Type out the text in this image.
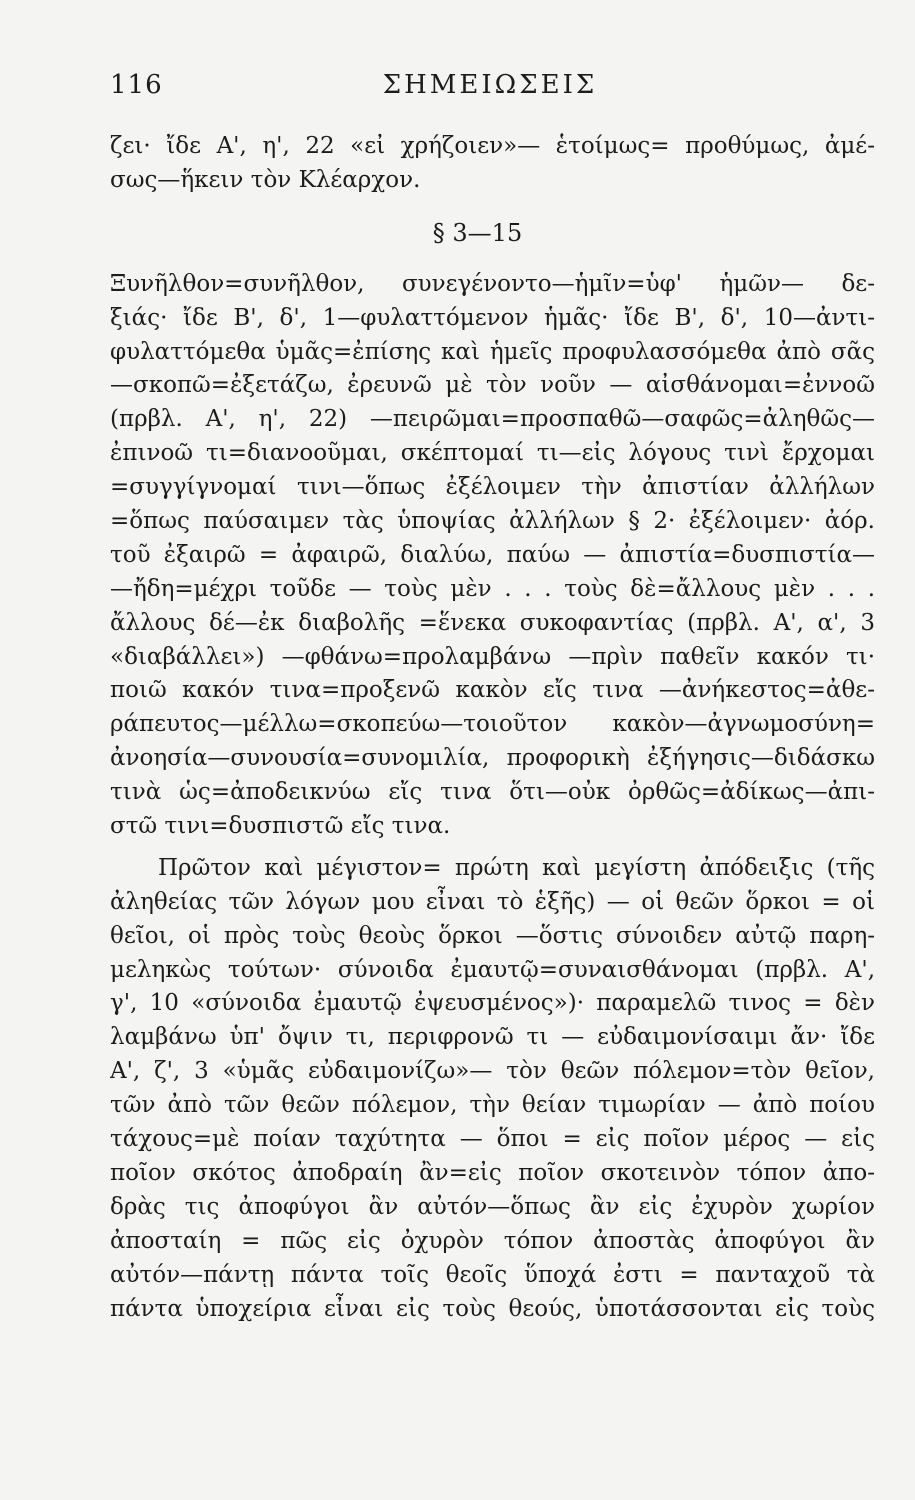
116	ΣΗΜΕΙΩΣΕΙΣ
ζει· ἴδε Α', η', 22 «εἰ χρήζοιεν»— ἑτοίμως= προθύμως, ἀμέ-
σως—ἥκειν τὸν Κλέαρχον.
§ 3—15
Ξυνῆλθον=συνῆλθον, συνεγένοντο—ἡμῖν=ὑφ' ἡμῶν— δε-
ξιάς· ἴδε Β', δ', 1—φυλαττόμενον ἡμᾶς· ἴδε Β', δ', 10—ἀντι-
φυλαττόμεθα ὑμᾶς=ἐπίσης καὶ ἡμεῖς προφυλασσόμεθα ἀπὸ σᾶς
—σκοπῶ=ἐξετάζω, ἐρευνῶ μὲ τὸν νοῦν — αἰσθάνομαι=ἐννοῶ
(πρβλ. Α', η', 22) —πειρῶμαι=προσπαθῶ—σαφῶς=ἀληθῶς—
ἐπινοῶ τι=διανοοῦμαι, σκέπτομαί τι—εἰς λόγους τινὶ ἔρχομαι
=συγγίγνομαί τινι—ὅπως ἐξέλοιμεν τὴν ἀπιστίαν ἀλλήλων
=ὅπως παύσαιμεν τὰς ὑποψίας ἀλλήλων § 2· ἐξέλοιμεν· ἀόρ.
τοῦ ἐξαιρῶ = ἀφαιρῶ, διαλύω, παύω — ἀπιστία=δυσπιστία—
—ἤδη=μέχρι τοῦδε — τοὺς μὲν . . . τοὺς δὲ=ἄλλους μὲν . . .
ἄλλους δέ—ἐκ διαβολῆς =ἕνεκα συκοφαντίας (πρβλ. Α', α', 3
«διαβάλλει») —φθάνω=προλαμβάνω —πρὶν παθεῖν κακόν τι·
ποιῶ κακόν τινα=προξενῶ κακὸν εἴς τινα —ἀνήκεστος=ἀθε-
ράπευτος—μέλλω=σκοπεύω—τοιοῦτον κακὸν—ἀγνωμοσύνη=
ἀνοησία—συνουσία=συνομιλία, προφορικὴ ἐξήγησις—διδάσκω
τινὰ ὡς=ἀποδεικνύω εἴς τινα ὅτι—οὐκ ὀρθῶς=ἀδίκως—ἀπι-
στῶ τινι=δυσπιστῶ εἴς τινα.
Πρῶτον καὶ μέγιστον= πρώτη καὶ μεγίστη ἀπόδειξις (τῆς
ἀληθείας τῶν λόγων μου εἶναι τὸ ἑξῆς) — οἱ θεῶν ὅρκοι = οἱ
θεῖοι, οἱ πρὸς τοὺς θεοὺς ὅρκοι —ὅστις σύνοιδεν αὐτῷ παρη-
μεληκὼς τούτων· σύνοιδα ἐμαυτῷ=συναισθάνομαι (πρβλ. Α',
γ', 10 «σύνοιδα ἐμαυτῷ ἐψευσμένος»)· παραμελῶ τινος = δὲν
λαμβάνω ὑπ' ὄψιν τι, περιφρονῶ τι — εὐδαιμονίσαιμι ἄν· ἴδε
Α', ζ', 3 «ὑμᾶς εὐδαιμονίζω»— τὸν θεῶν πόλεμον=τὸν θεῖον,
τῶν ἀπὸ τῶν θεῶν πόλεμον, τὴν θείαν τιμωρίαν — ἀπὸ ποίου
τάχους=μὲ ποίαν ταχύτητα — ὅποι = εἰς ποῖον μέρος — εἰς
ποῖον σκότος ἀποδραίη ἂν=εἰς ποῖον σκοτεινὸν τόπον ἀπο-
δρὰς τις ἀποφύγοι ἂν αὐτόν—ὅπως ἂν εἰς ἐχυρὸν χωρίον
ἀποσταίη = πῶς εἰς ὀχυρὸν τόπον ἀποστὰς ἀποφύγοι ἂν
αὐτόν—πάντῃ πάντα τοῖς θεοῖς ὕποχά ἐστι = πανταχοῦ τὰ
πάντα ὑποχείρια εἶναι εἰς τοὺς θεούς, ὑποτάσσονται εἰς τοὺς
